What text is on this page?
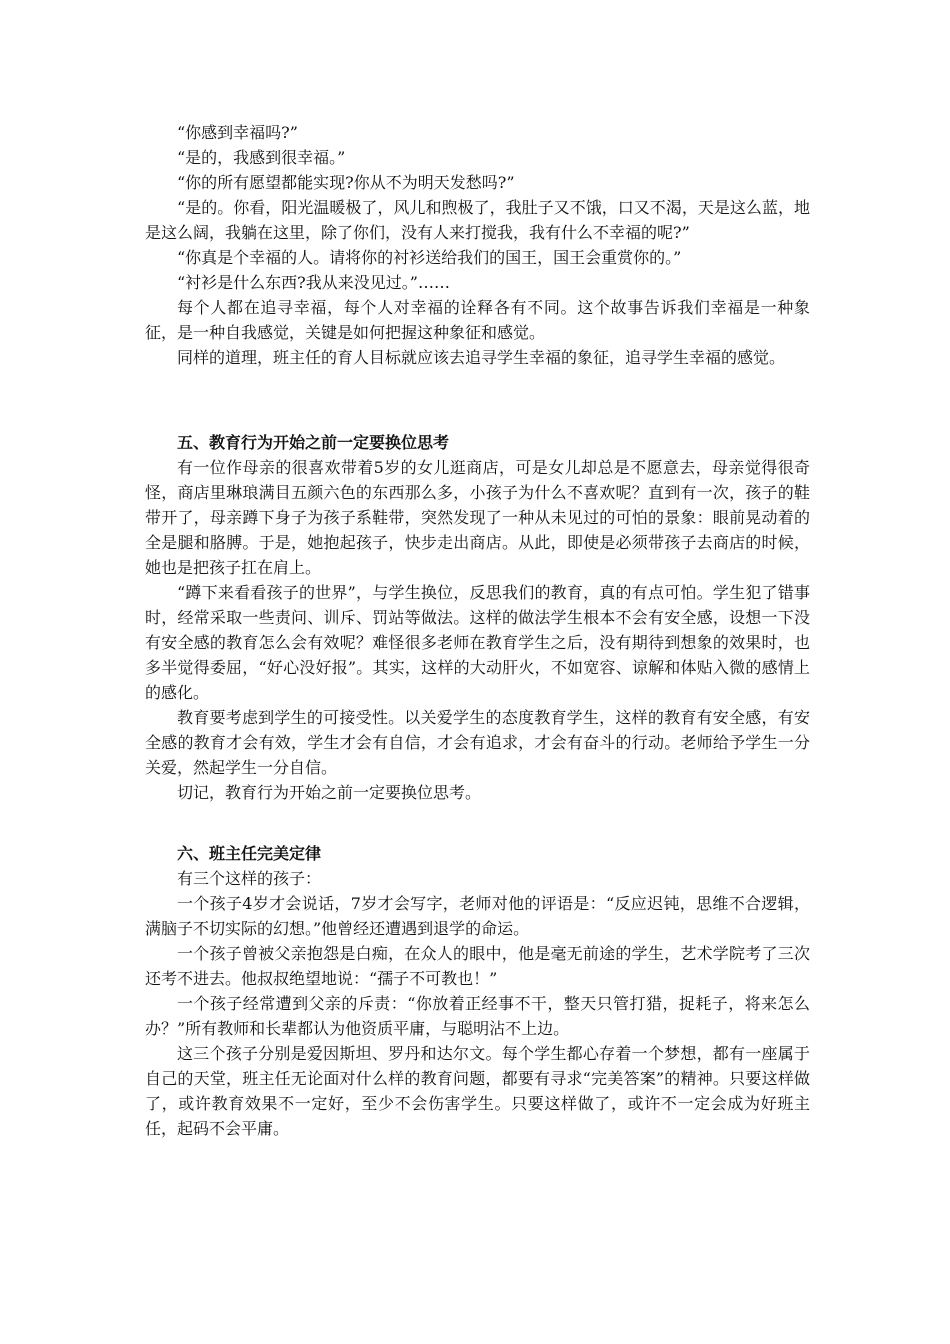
“你感到幸福吗?”

“是的，我感到很幸福。”

“你的所有愿望都能实现?你从不为明天发愁吗?”

“是的。你看，阳光温暖极了，风儿和煦极了，我肚子又不饿，口又不渴，天是这么蓝，地是这么阔，我躺在这里，除了你们，没有人来打搅我，我有什么不幸福的呢?”

“你真是个幸福的人。请将你的衬衫送给我们的国王，国王会重赏你的。”

“衬衫是什么东西?我从来没见过。”……

每个人都在追寻幸福，每个人对幸福的诠释各有不同。这个故事告诉我们幸福是一种象征，是一种自我感觉，关键是如何把握这种象征和感觉。

同样的道理，班主任的育人目标就应该去追寻学生幸福的象征，追寻学生幸福的感觉。

五、教育行为开始之前一定要换位思考

有一位作母亲的很喜欢带着5岁的女儿逛商店，可是女儿却总是不愿意去，母亲觉得很奇怪，商店里琳琅满目五颜六色的东西那么多，小孩子为什么不喜欢呢？直到有一次，孩子的鞋带开了，母亲蹲下身子为孩子系鞋带，突然发现了一种从未见过的可怕的景象：眼前晃动着的全是腿和胳膊。于是，她抱起孩子，快步走出商店。从此，即使是必须带孩子去商店的时候，她也是把孩子扛在肩上。

“蹲下来看看孩子的世界”，与学生换位，反思我们的教育，真的有点可怕。学生犯了错事时，经常采取一些责问、训斥、罚站等做法。这样的做法学生根本不会有安全感，设想一下没有安全感的教育怎么会有效呢？难怪很多老师在教育学生之后，没有期待到想象的效果时，也多半觉得委屈，“好心没好报”。其实，这样的大动肝火，不如宽容、谅解和体贴入微的感情上的感化。

教育要考虑到学生的可接受性。以关爱学生的态度教育学生，这样的教育有安全感，有安全感的教育才会有效，学生才会有自信，才会有追求，才会有奋斗的行动。老师给予学生一分关爱，然起学生一分自信。

切记，教育行为开始之前一定要换位思考。

六、班主任完美定律

有三个这样的孩子：

一个孩子4岁才会说话，7岁才会写字，老师对他的评语是：“反应迟钝，思维不合逻辑，满脑子不切实际的幻想。”他曾经还遭遇到退学的命运。

一个孩子曾被父亲抱怨是白痴，在众人的眼中，他是毫无前途的学生，艺术学院考了三次还考不进去。他叔叔绝望地说：“孺子不可教也！”

一个孩子经常遭到父亲的斥责：“你放着正经事不干，整天只管打猎，捉耗子，将来怎么办？”所有教师和长辈都认为他资质平庸，与聪明沾不上边。

这三个孩子分别是爱因斯坦、罗丹和达尔文。每个学生都心存着一个梦想，都有一座属于自己的天堂，班主任无论面对什么样的教育问题，都要有寻求“完美答案”的精神。只要这样做了，或许教育效果不一定好，至少不会伤害学生。只要这样做了，或许不一定会成为好班主任，起码不会平庸。
